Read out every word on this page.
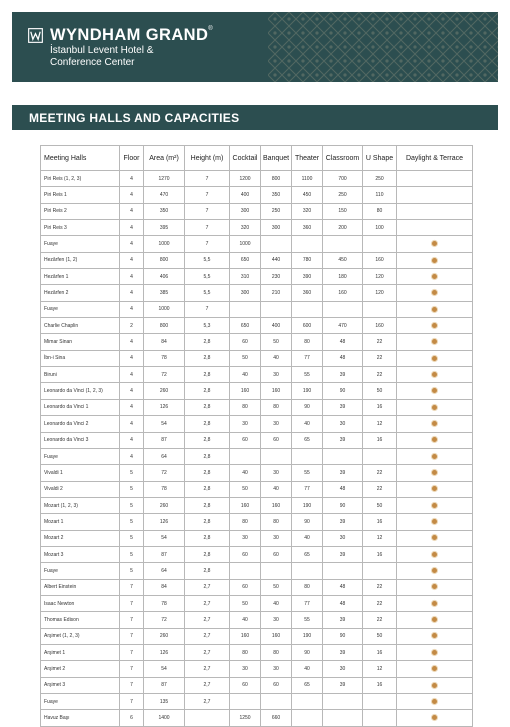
WYNDHAM GRAND®
İstanbul Levent Hotel &
Conference Center
MEETING HALLS AND CAPACITIES
Meeting Halls	Floor	Area (m²)	Height (m)	Cocktail	Banquet	Theater	Classroom	U Shape	Daylight & Terrace
Piri Reis (1, 2, 3)	4	1270	7	1200	800	1100	700	250	
Piri Reis 1	4	470	7	400	350	450	250	110	
Piri Reis 2	4	350	7	300	250	320	150	80	
Piri Reis 3	4	395	7	320	300	360	200	100	
Fuaye	4	1000	7	1000					
Hezârfen (1, 2)	4	800	5,5	650	440	780	450	160	
Hezârfen 1	4	406	5,5	310	230	390	180	120	
Hezârfen 2	4	385	5,5	300	210	360	160	120	
Fuaye	4	1000	7						
Charlie Chaplin	2	800	5,3	650	400	600	470	160	
Mimar Sinan	4	84	2,8	60	50	80	48	22	
İbn-i Sina	4	78	2,8	50	40	77	48	22	
Biruni	4	72	2,8	40	30	55	39	22	
Leonardo da Vinci (1, 2, 3)	4	260	2,8	160	160	190	90	50	
Leonardo da Vinci 1	4	126	2,8	80	80	90	39	16	
Leonardo da Vinci 2	4	54	2,8	30	30	40	30	12	
Leonardo da Vinci 3	4	87	2,8	60	60	65	39	16	
Fuaye	4	64	2,8						
Vivaldi 1	5	72	2,8	40	30	55	39	22	
Vivaldi 2	5	78	2,8	50	40	77	48	22	
Mozart (1, 2, 3)	5	260	2,8	160	160	190	90	50	
Mozart 1	5	126	2,8	80	80	90	39	16	
Mozart 2	5	54	2,8	30	30	40	30	12	
Mozart 3	5	87	2,8	60	60	65	39	16	
Fuaye	5	64	2,8						
Albert Einstein	7	84	2,7	60	50	80	48	22	
Isaac Newton	7	78	2,7	50	40	77	48	22	
Thomas Edison	7	72	2,7	40	30	55	39	22	
Arşimet (1, 2, 3)	7	260	2,7	160	160	190	90	50	
Arşimet 1	7	126	2,7	80	80	90	39	16	
Arşimet 2	7	54	2,7	30	30	40	30	12	
Arşimet 3	7	87	2,7	60	60	65	39	16	
Fuaye	7	135	2,7						
Havuz Başı	6	1400		1250	660				
